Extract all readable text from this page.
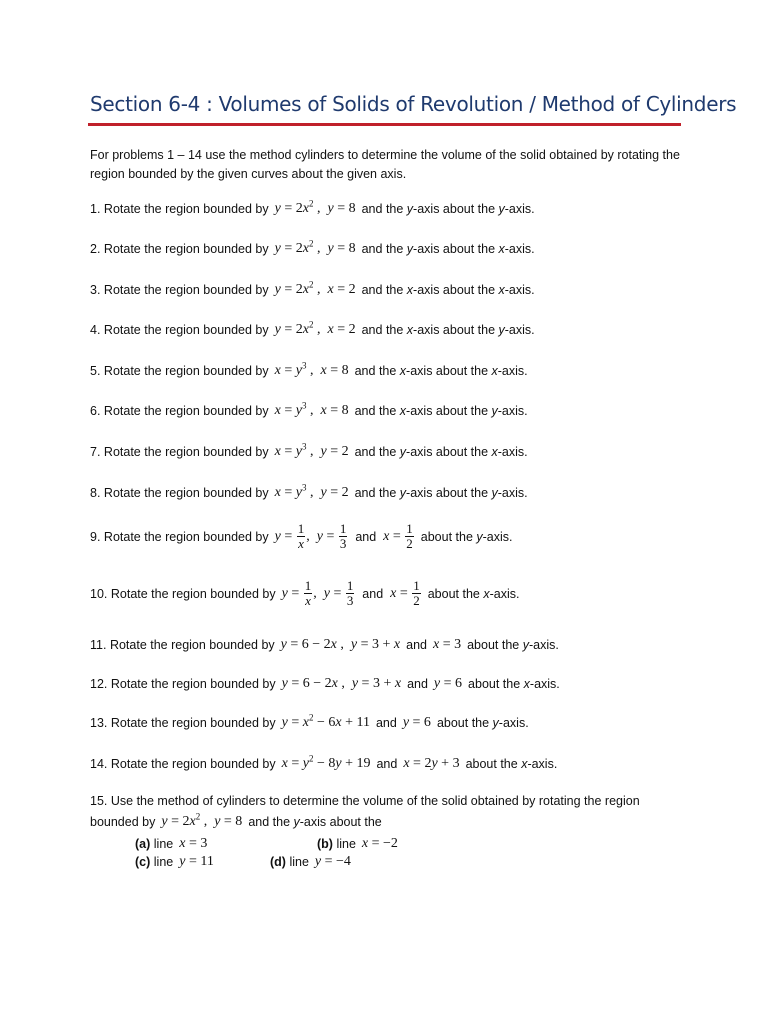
Section 6-4 : Volumes of Solids of Revolution / Method of Cylinders
For problems 1 – 14 use the method cylinders to determine the volume of the solid obtained by rotating the region bounded by the given curves about the given axis.
1.
Rotate the region bounded by $y = 2x^2$ ,  y = 8 and the y-axis about the y-axis.
2.
Rotate the region bounded by $y = 2x^2$ ,  y = 8 and the y-axis about the x-axis.
3.
Rotate the region bounded by $y = 2x^2$ ,  x = 2 and the x-axis about the x-axis.
4.
Rotate the region bounded by $y = 2x^2$ ,  x = 2 and the x-axis about the y-axis.
5.
Rotate the region bounded by $x = y^3$ ,  x = 8 and the x-axis about the x-axis.
6.
Rotate the region bounded by $x = y^3$ ,  x = 8 and the x-axis about the y-axis.
7.
Rotate the region bounded by $x = y^3$ ,  y = 2 and the y-axis about the x-axis.
8.
Rotate the region bounded by $x = y^3$ ,  y = 2 and the y-axis about the y-axis.
9.
Rotate the region bounded by $y = \frac{1}{x}$ , $y = \frac{1}{3}$ and $x = \frac{1}{2}$ about the y-axis.
10.
Rotate the region bounded by $y = \frac{1}{x}$ , $y = \frac{1}{3}$ and $x = \frac{1}{2}$ about the x-axis.
11.
Rotate the region bounded by y = 6 − 2x ,  y = 3 + x and x = 3 about the y-axis.
12.
Rotate the region bounded by y = 6 − 2x ,  y = 3 + x and y = 6 about the x-axis.
13.
Rotate the region bounded by $y = x^2 - 6x + 11$ and y = 6 about the y-axis.
14.
Rotate the region bounded by $x = y^2 - 8y + 19$ and x = 2y + 3 about the x-axis.
15.
Use the method of cylinders to determine the volume of the solid obtained by rotating the region
bounded by $y = 2x^2$ ,  y = 8 and the y-axis about the
(a)
line x = 3	(b)
line x = −2
(c)
line y = 11	(d)
line y = −4
